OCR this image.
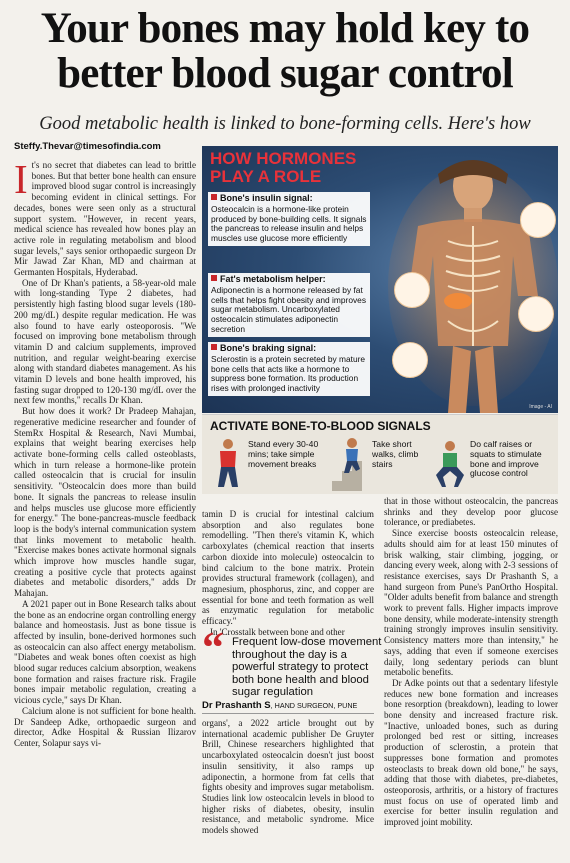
Your bones may hold key to
better blood sugar control
Good metabolic health is linked to bone-forming cells. Here's how
Steffy.Thevar@timesofindia.com

It's no secret that diabetes can lead to brittle bones. But that better bone health can ensure improved blood sugar control is increasingly becoming evident in clinical settings. For decades, bones were seen only as a structural support system. "However, in recent years, medical science has revealed how bones play an active role in regulating metabolism and blood sugar levels," says senior orthopaedic surgeon Dr Mir Jawad Zar Khan, MD and chairman at Germanten Hospitals, Hyderabad.

One of Dr Khan's patients, a 58-year-old male with long-standing Type 2 diabetes, had persistently high fasting blood sugar levels (180-200 mg/dL) despite regular medication. He was also found to have early osteoporosis. "We focused on improving bone metabolism through vitamin D and calcium supplements, improved nutrition, and regular weight-bearing exercise along with standard diabetes management. As his vitamin D levels and bone health improved, his fasting sugar dropped to 120-130 mg/dL over the next few months," recalls Dr Khan.

But how does it work? Dr Pradeep Mahajan, regenerative medicine researcher and founder of StemRx Hospital & Research, Navi Mumbai, explains that weight bearing exercises help activate bone-forming cells called osteoblasts, which in turn release a hormone-like protein called osteocalcin that is crucial for insulin sensitivity. "Osteocalcin does more than build bone. It signals the pancreas to release insulin and helps muscles use glucose more efficiently for energy." The bone-pancreas-muscle feedback loop is the body's internal communication system that links movement to metabolic health. "Exercise makes bones activate hormonal signals which improve how muscles handle sugar, creating a positive cycle that protects against diabetes and metabolic disorders," adds Dr Mahajan.

A 2021 paper out in Bone Research talks about the bone as an endocrine organ controlling energy balance and homeostasis. Just as bone tissue is affected by insulin, bone-derived hormones such as osteocalcin can also affect energy metabolism. "Diabetes and weak bones often coexist as high blood sugar reduces calcium absorption, weakens bone formation and raises fracture risk. Fragile bones impair metabolic regulation, creating a vicious cycle," says Dr Khan.

Calcium alone is not sufficient for bone health. Dr Sandeep Adke, orthopaedic surgeon and director, Adke Hospital & Russian Ilizarov Center, Solapur says vi-

HOW HORMONES
PLAY A ROLE
Bone's insulin signal:
Osteocalcin is a hormone-like protein produced by bone-building cells. It signals the pancreas to release insulin and helps muscles use glucose more efficiently
Fat's metabolism helper:
Adiponectin is a hormone released by fat cells that helps fight obesity and improves sugar metabolism. Uncarboxylated osteocalcin stimulates adiponectin secretion
Bone's braking signal:
Sclerostin is a protein secreted by mature bone cells that acts like a hormone to suppress bone formation. Its production rises with prolonged inactivity
Image - AI
ACTIVATE BONE-TO-BLOOD SIGNALS
Stand every 30-40 mins; take simple movement breaks
Take short walks, climb stairs
Do calf raises or squats to stimulate bone and improve glucose control

tamin D is crucial for intestinal calcium absorption and also regulates bone remodelling. "Then there's vitamin K, which carboxylates (chemical reaction that inserts carbon dioxide into molecule) osteocalcin to bind calcium to the bone matrix. Protein provides structural framework (collagen), and magnesium, phosphorus, zinc, and copper are essential for bone and teeth formation as well as enzymatic regulation for metabolic efficacy."

In 'Crosstalk between bone and other

“ Frequent low-dose movement throughout the day is a powerful strategy to protect both bone health and blood sugar regulation
Dr Prashanth S, HAND SURGEON, PUNE

organs', a 2022 article brought out by international academic publisher De Gruyter Brill, Chinese researchers highlighted that uncarboxylated osteocalcin doesn't just boost insulin sensitivity, it also ramps up adiponectin, a hormone from fat cells that fights obesity and improves sugar metabolism. Studies link low osteocalcin levels in blood to higher risks of diabetes, obesity, insulin resistance, and metabolic syndrome. Mice models showed

that in those without osteocalcin, the pancreas shrinks and they develop poor glucose tolerance, or prediabetes.

Since exercise boosts osteocalcin release, adults should aim for at least 150 minutes of brisk walking, stair climbing, jogging, or dancing every week, along with 2-3 sessions of resistance exercises, says Dr Prashanth S, a hand surgeon from Pune's PanOrtho Hospital. "Older adults benefit from balance and strength work to prevent falls. Higher impacts improve bone density, while moderate-intensity strength training strongly improves insulin sensitivity. Consistency matters more than intensity," he says, adding that even if someone exercises daily, long sedentary periods can blunt metabolic benefits.

Dr Adke points out that a sedentary lifestyle reduces new bone formation and increases bone resorption (breakdown), leading to lower bone density and increased fracture risk. "Inactive, unloaded bones, such as during prolonged bed rest or sitting, increases production of sclerostin, a protein that suppresses bone formation and promotes osteoclasts to break down old bone," he says, adding that those with diabetes, pre-diabetes, osteoporosis, arthritis, or a history of fractures must focus on use of operated limb and exercise for better insulin regulation and improved joint mobility.
